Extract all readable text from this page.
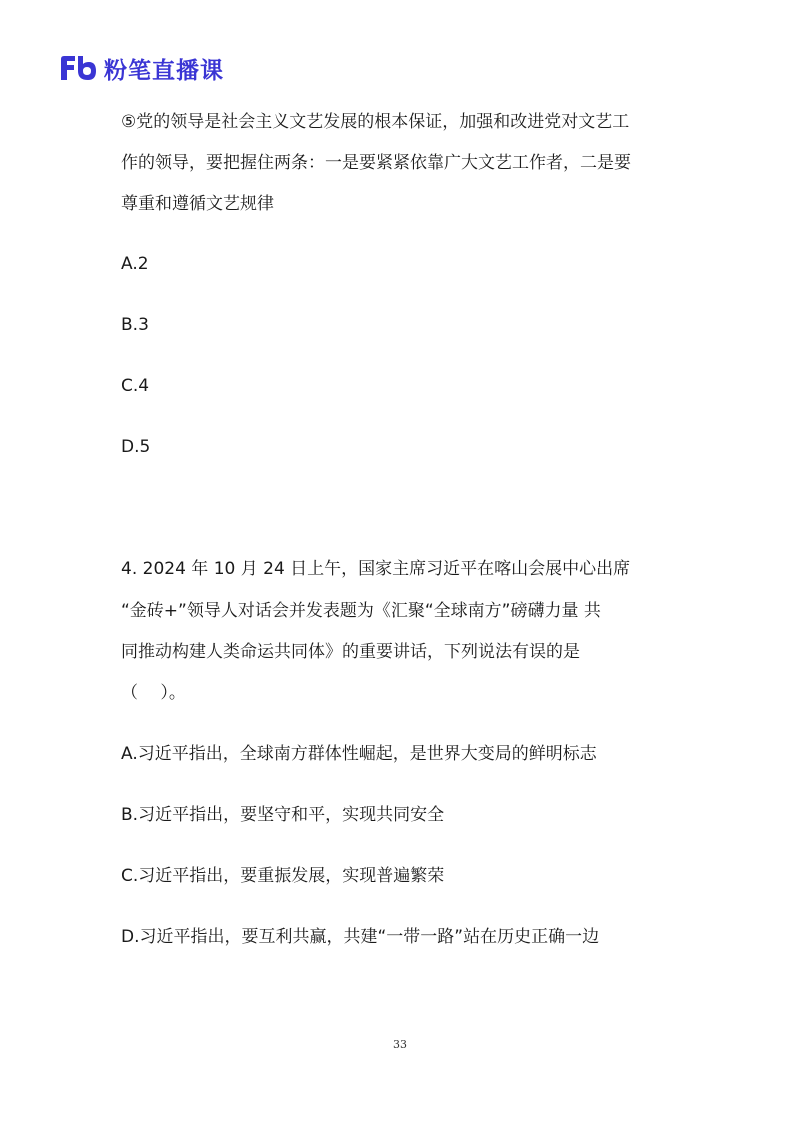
粉笔直播课
⑤党的领导是社会主义文艺发展的根本保证，加强和改进党对文艺工
作的领导，要把握住两条：一是要紧紧依靠广大文艺工作者，二是要
尊重和遵循文艺规律
A.2
B.3
C.4
D.5
4. 2024 年 10 月 24 日上午，国家主席习近平在喀山会展中心出席
“金砖+”领导人对话会并发表题为《汇聚“全球南方”磅礴力量 共
同推动构建人类命运共同体》的重要讲话，下列说法有误的是
（　 ）。
A.习近平指出，全球南方群体性崛起，是世界大变局的鲜明标志
B.习近平指出，要坚守和平，实现共同安全
C.习近平指出，要重振发展，实现普遍繁荣
D.习近平指出，要互利共赢，共建“一带一路”站在历史正确一边
33
